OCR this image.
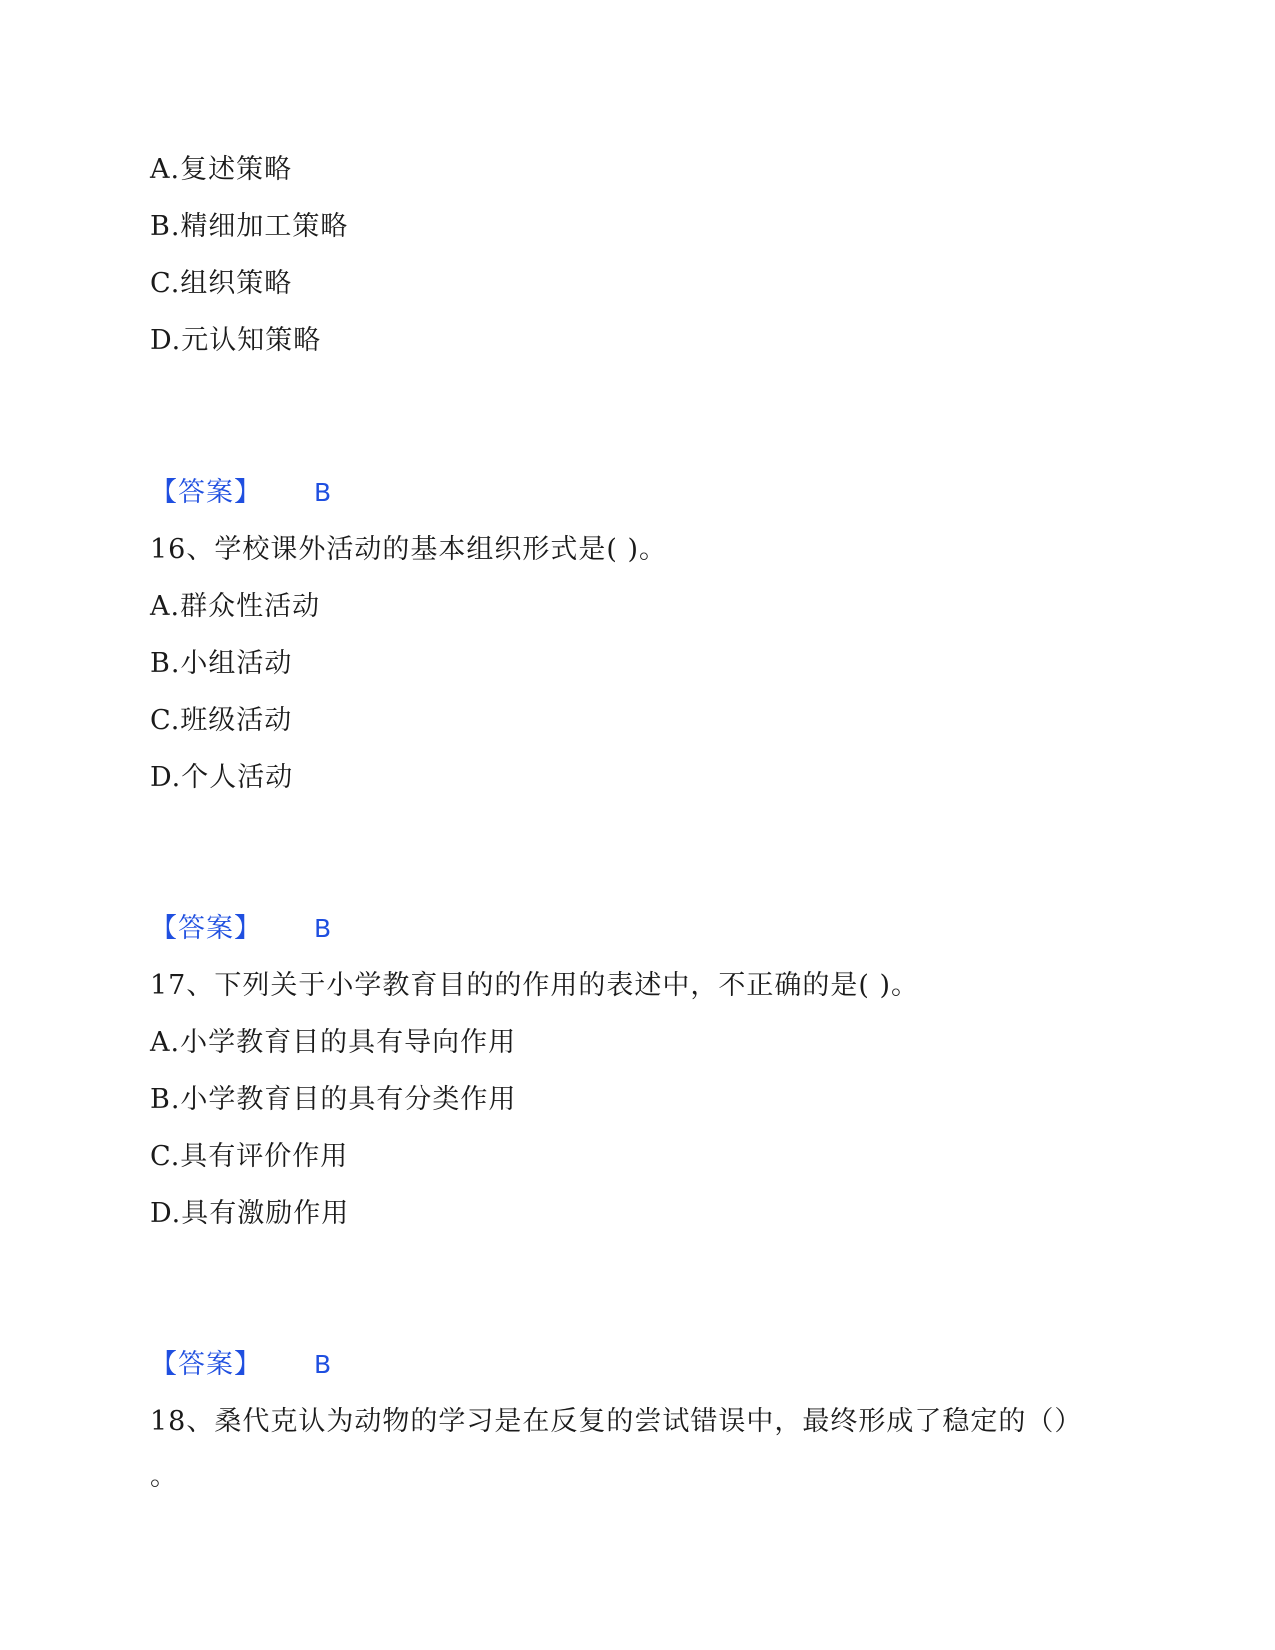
A.复述策略
B.精细加工策略
C.组织策略
D.元认知策略
【答案】 B
16、学校课外活动的基本组织形式是( )。
A.群众性活动
B.小组活动
C.班级活动
D.个人活动
【答案】 B
17、下列关于小学教育目的的作用的表述中，不正确的是( )。
A.小学教育目的具有导向作用
B.小学教育目的具有分类作用
C.具有评价作用
D.具有激励作用
【答案】 B
18、桑代克认为动物的学习是在反复的尝试错误中，最终形成了稳定的（）
。
